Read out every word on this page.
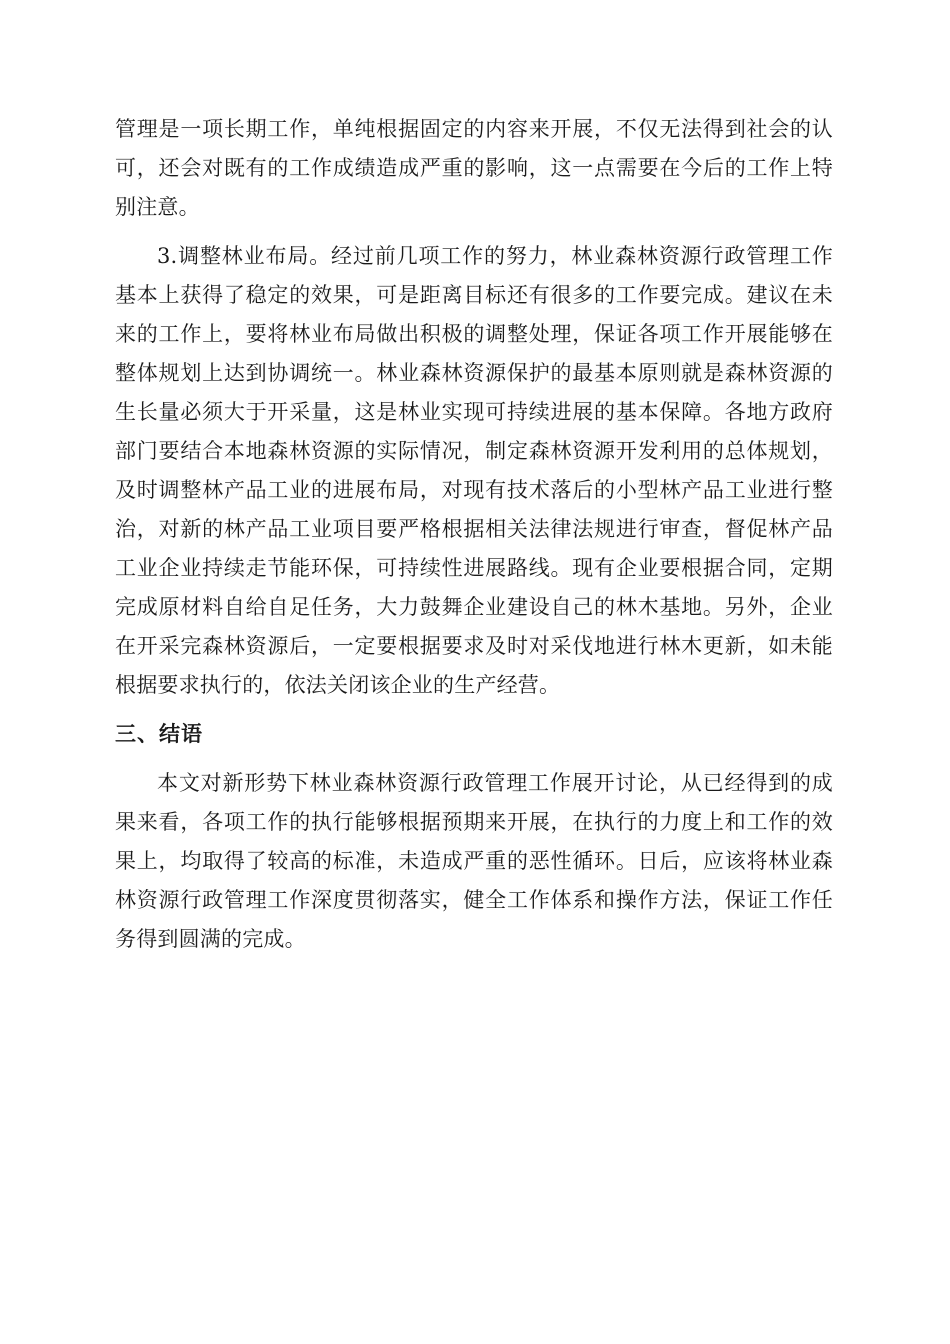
管理是一项长期工作，单纯根据固定的内容来开展，不仅无法得到社会的认可，还会对既有的工作成绩造成严重的影响，这一点需要在今后的工作上特别注意。

3.调整林业布局。经过前几项工作的努力，林业森林资源行政管理工作基本上获得了稳定的效果，可是距离目标还有很多的工作要完成。建议在未来的工作上，要将林业布局做出积极的调整处理，保证各项工作开展能够在整体规划上达到协调统一。林业森林资源保护的最基本原则就是森林资源的生长量必须大于开采量，这是林业实现可持续进展的基本保障。各地方政府部门要结合本地森林资源的实际情况，制定森林资源开发利用的总体规划，及时调整林产品工业的进展布局，对现有技术落后的小型林产品工业进行整治，对新的林产品工业项目要严格根据相关法律法规进行审查，督促林产品工业企业持续走节能环保，可持续性进展路线。现有企业要根据合同，定期完成原材料自给自足任务，大力鼓舞企业建设自己的林木基地。另外，企业在开采完森林资源后，一定要根据要求及时对采伐地进行林木更新，如未能根据要求执行的，依法关闭该企业的生产经营。

三、结语

本文对新形势下林业森林资源行政管理工作展开讨论，从已经得到的成果来看，各项工作的执行能够根据预期来开展，在执行的力度上和工作的效果上，均取得了较高的标准，未造成严重的恶性循环。日后，应该将林业森林资源行政管理工作深度贯彻落实，健全工作体系和操作方法，保证工作任务得到圆满的完成。
